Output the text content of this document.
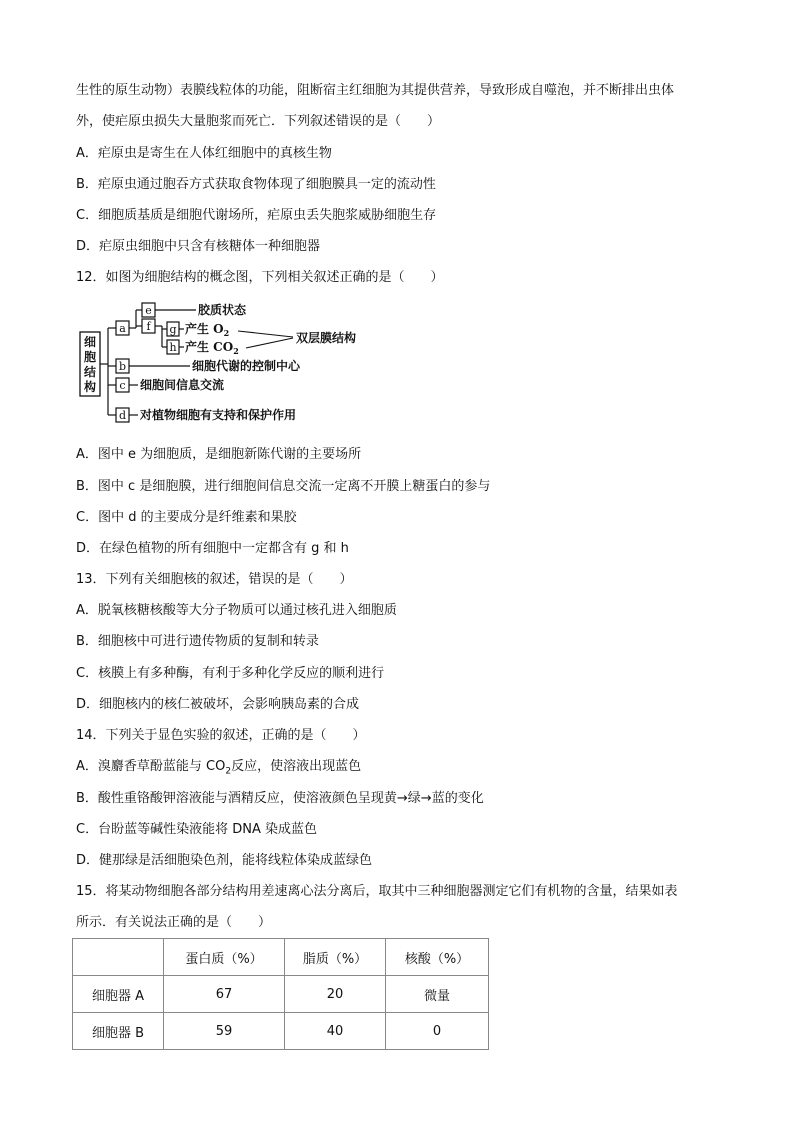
生性的原生动物）表膜线粒体的功能，阻断宿主红细胞为其提供营养，导致形成自噬泡，并不断排出虫体
外，使疟原虫损失大量胞浆而死亡．下列叙述错误的是（　　）
A．疟原虫是寄生在人体红细胞中的真核生物
B．疟原虫通过胞吞方式获取食物体现了细胞膜具一定的流动性
C．细胞质基质是细胞代谢场所，疟原虫丢失胞浆威胁细胞生存
D．疟原虫细胞中只含有核糖体一种细胞器
12．如图为细胞结构的概念图，下列相关叙述正确的是（　　）
细
胞
结
构
a
e	胶质状态
f g 产生 $O_2$
h 产生 $CO_2$
双层膜结构
b	细胞代谢的控制中心
c 细胞间信息交流
d 对植物细胞有支持和保护作用
A．图中 e 为细胞质，是细胞新陈代谢的主要场所
B．图中 c 是细胞膜，进行细胞间信息交流一定离不开膜上糖蛋白的参与
C．图中 d 的主要成分是纤维素和果胶
D．在绿色植物的所有细胞中一定都含有 g 和 h
13．下列有关细胞核的叙述，错误的是（　　）
A．脱氧核糖核酸等大分子物质可以通过核孔进入细胞质
B．细胞核中可进行遗传物质的复制和转录
C．核膜上有多种酶，有利于多种化学反应的顺利进行
D．细胞核内的核仁被破坏，会影响胰岛素的合成
14．下列关于显色实验的叙述，正确的是（　　）
A．溴麝香草酚蓝能与 $CO_2$反应，使溶液出现蓝色
B．酸性重铬酸钾溶液能与酒精反应，使溶液颜色呈现黄→绿→蓝的变化
C．台盼蓝等碱性染液能将 DNA 染成蓝色
D．健那绿是活细胞染色剂，能将线粒体染成蓝绿色
15．将某动物细胞各部分结构用差速离心法分离后，取其中三种细胞器测定它们有机物的含量，结果如表
所示．有关说法正确的是（　　）
	蛋白质（%）	脂质（%）	核酸（%）
细胞器 A	67	20	微量
细胞器 B	59	40	0
